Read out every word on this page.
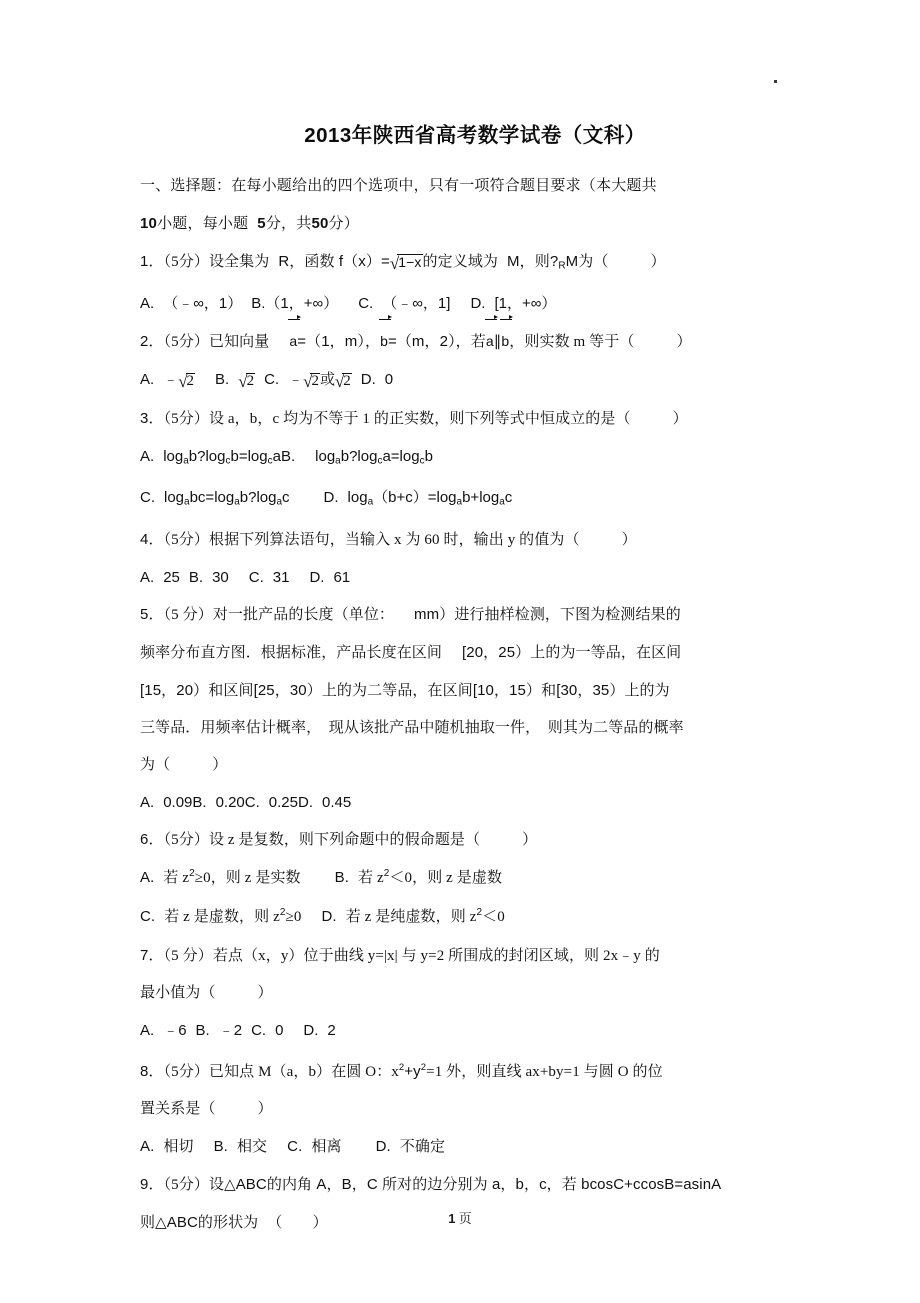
2013年陕西省高考数学试卷（文科）

一、选择题：在每小题给出的四个选项中，只有一项符合题目要求（本大题共

10小题，每小题 5分，共50分）

1．（5分）设全集为 R，函数 f（x）=√1−x的定义域为 M，则?RM为（	）

A. （﹣∞，1） B.（1，+∞） C. （﹣∞，1] D. [1，+∞）

2．（5分）已知向量 a=（1，m），b=（m，2），若a∥b，则实数 m 等于（	）

A. ﹣√2 B. √2 C. ﹣√2或√2 D. 0

3．（5分）设 a，b，c 均为不等于 1 的正实数，则下列等式中恒成立的是（	）

A. logab?logcb=logcaB. logab?logca=logcb

C. logabc=logab?logac D. loga（b+c）=logab+logac

4．（5分）根据下列算法语句，当输入 x 为 60 时，输出 y 的值为（	）

A. 25 B. 30 C. 31 D. 61

5．（5 分）对一批产品的长度（单位： mm）进行抽样检测，下图为检测结果的

频率分布直方图．根据标准，产品长度在区间 [20，25）上的为一等品，在区间

[15，20）和区间[25，30）上的为二等品，在区间[10，15）和[30，35）上的为

三等品．用频率估计概率，　现从该批产品中随机抽取一件，　则其为二等品的概率

为（	）

A. 0.09B. 0.20C. 0.25D. 0.45

6．（5分）设 z 是复数，则下列命题中的假命题是（	）

A. 若 $z^2\ge 0$，则 z 是实数 B. 若 $z^2<0$，则 z 是虚数

C. 若 z 是虚数，则 $z^2\ge 0$ D. 若 z 是纯虚数，则 $z^2<0$

7．（5 分）若点（x，y）位于曲线 y=|x| 与 y=2 所围成的封闭区域，则 2x﹣y 的

最小值为（	）

A. ﹣6 B. ﹣2 C. 0 D. 2

8．（5分）已知点 M（a，b）在圆 O：$x^2+y^2=1$ 外，则直线 ax+by=1 与圆 O 的位

置关系是（	）

A. 相切 B. 相交 C. 相离 D. 不确定

9．（5分）设△ABC的内角 A，B，C 所对的边分别为 a，b，c，若 bcosC+ccosB=asinA

则△ABC的形状为 （　　）	1 页
